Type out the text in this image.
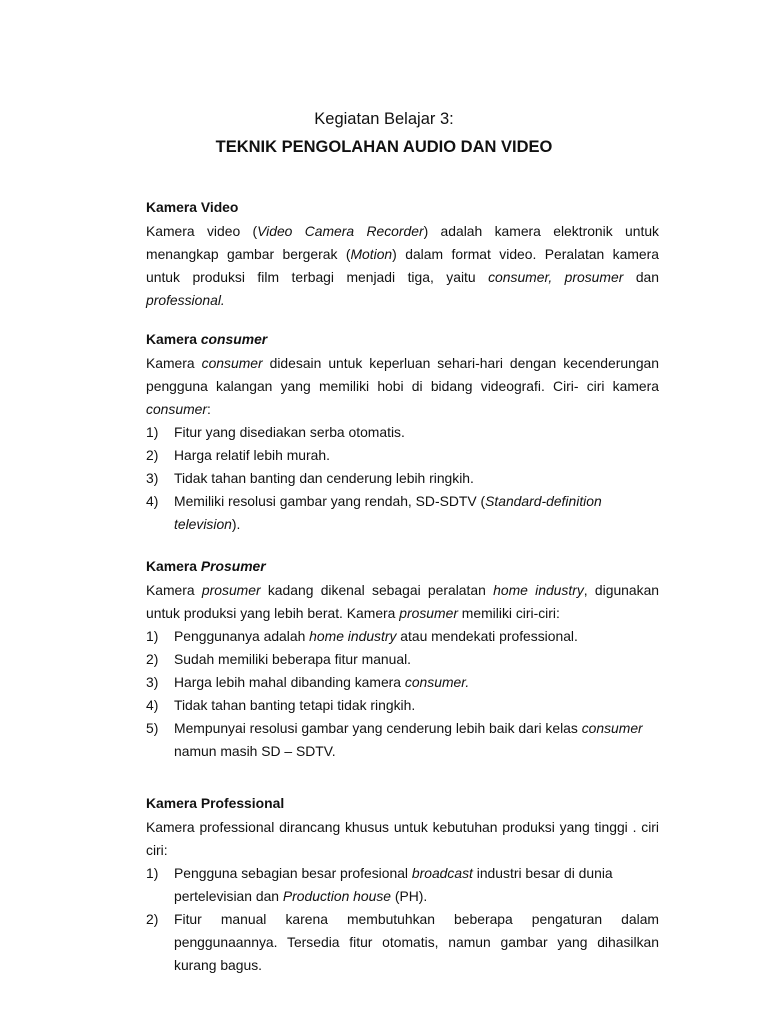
Kegiatan Belajar 3:
TEKNIK PENGOLAHAN AUDIO DAN VIDEO
Kamera Video

Kamera video (Video Camera Recorder) adalah kamera elektronik untuk menangkap gambar bergerak (Motion) dalam format video. Peralatan kamera untuk produksi film terbagi menjadi tiga, yaitu consumer, prosumer dan professional.

Kamera consumer

Kamera consumer didesain untuk keperluan sehari-hari dengan kecenderungan pengguna kalangan yang memiliki hobi di bidang videografi. Ciri- ciri kamera consumer:

1) Fitur yang disediakan serba otomatis.
2) Harga relatif lebih murah.
3) Tidak tahan banting dan cenderung lebih ringkih.
4) Memiliki resolusi gambar yang rendah, SD-SDTV (Standard-definition television).
Kamera Prosumer

Kamera prosumer kadang dikenal sebagai peralatan home industry, digunakan untuk produksi yang lebih berat. Kamera prosumer memiliki ciri-ciri:

1) Penggunanya adalah home industry atau mendekati professional.
2) Sudah memiliki beberapa fitur manual.
3) Harga lebih mahal dibanding kamera consumer.
4) Tidak tahan banting tetapi tidak ringkih.
5) Mempunyai resolusi gambar yang cenderung lebih baik dari kelas consumer namun masih SD – SDTV.
Kamera Professional

Kamera professional dirancang khusus untuk kebutuhan produksi yang tinggi . ciri ciri:

1) Pengguna sebagian besar profesional broadcast industri besar di dunia pertelevisian dan Production house (PH).
2) Fitur manual karena membutuhkan beberapa pengaturan dalam penggunaannya. Tersedia fitur otomatis, namun gambar yang dihasilkan kurang bagus.
